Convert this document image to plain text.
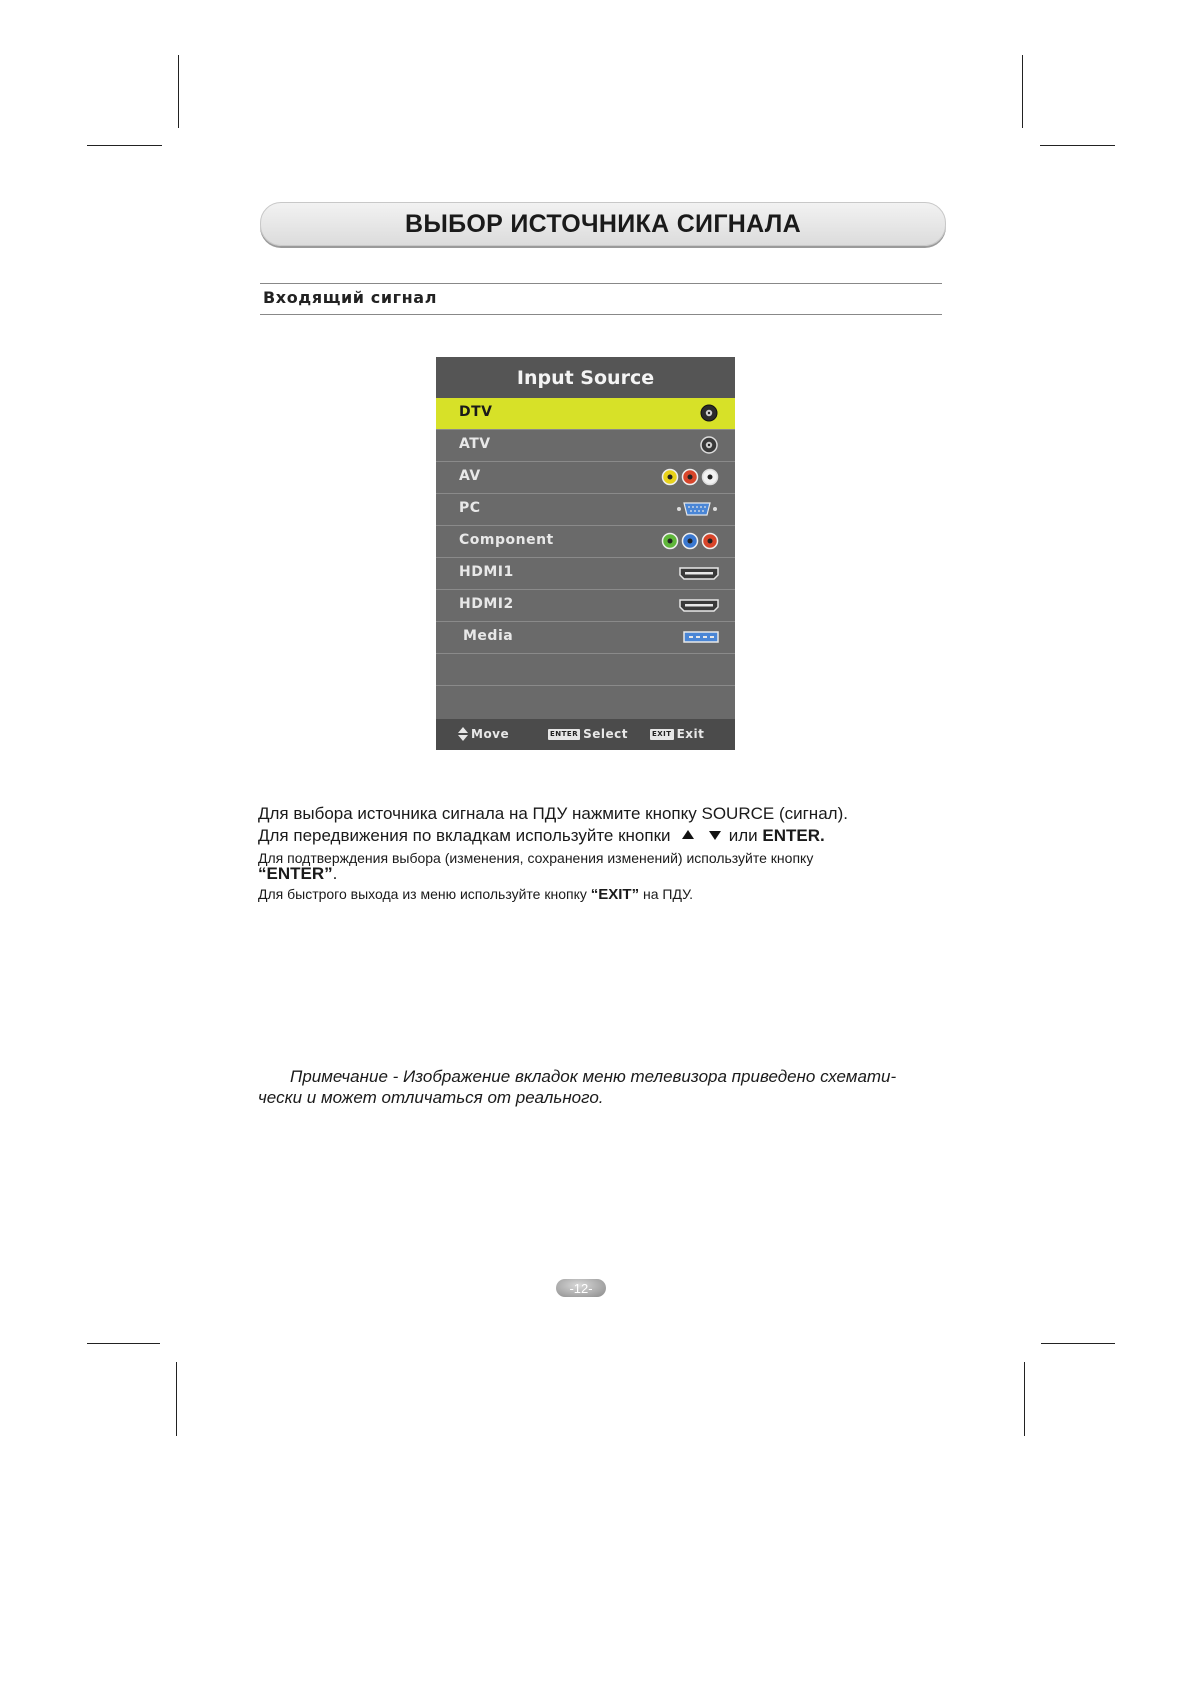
ВЫБОР ИСТОЧНИКА СИГНАЛА
Входящий сигнал
Input Source
DTV
ATV
AV
PC
Component
HDMI1
HDMI2
Media
Move	ENTER Select	EXIT Exit
Для выбора источника сигнала на ПДУ нажмите кнопку SOURCE (сигнал).
Для передвижения по вкладкам используйте кнопки	или ENTER.
Для подтверждения выбора (изменения, сохранения изменений) используйте кнопку
“ENTER”.
Для быстрого выхода из меню используйте кнопку “EXIT” на ПДУ.
Примечание - Изображение вкладок меню телевизора приведено схемати-
чески и может отличаться от реального.
-12-
